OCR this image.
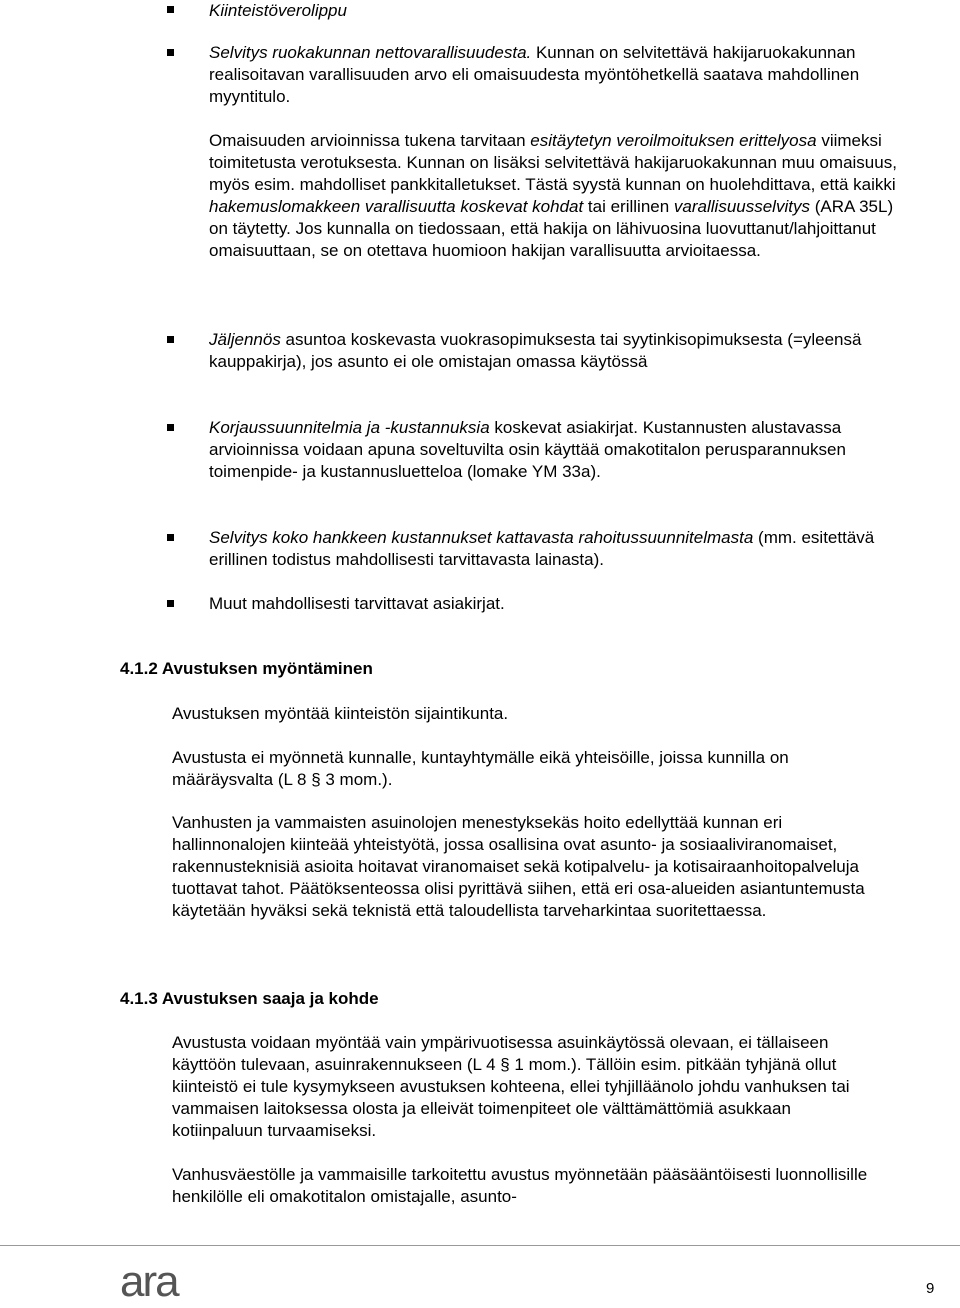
Kiinteistöverolippu
Selvitys ruokakunnan nettovarallisuudesta. Kunnan on selvitettävä hakijaruokakunnan realisoitavan varallisuuden arvo eli omaisuudesta myöntöhetkellä saatava mahdollinen myyntitulo.
Omaisuuden arvioinnissa tukena tarvitaan esitäytetyn veroilmoituksen erittelyosa viimeksi toimitetusta verotuksesta. Kunnan on lisäksi selvitettävä hakijaruokakunnan muu omaisuus, myös esim. mahdolliset pankkitalletukset. Tästä syystä kunnan on huolehdittava, että kaikki hakemuslomakkeen varallisuutta koskevat kohdat tai erillinen varallisuusselvitys (ARA 35L) on täytetty. Jos kunnalla on tiedossaan, että hakija on lähivuosina luovuttanut/lahjoittanut omaisuuttaan, se on otettava huomioon hakijan varallisuutta arvioitaessa.
Jäljennös asuntoa koskevasta vuokrasopimuksesta tai syytinkisopimuksesta (=yleensä kauppakirja), jos asunto ei ole omistajan omassa käytössä
Korjaussuunnitelmia ja -kustannuksia koskevat asiakirjat. Kustannusten alustavassa arvioinnissa voidaan apuna soveltuvilta osin käyttää omakotitalon perusparannuksen toimenpide- ja kustannusluetteloa (lomake YM 33a).
Selvitys koko hankkeen kustannukset kattavasta rahoitussuunnitelmasta (mm. esitettävä erillinen todistus mahdollisesti tarvittavasta lainasta).
Muut mahdollisesti tarvittavat asiakirjat.
4.1.2 Avustuksen myöntäminen
Avustuksen myöntää kiinteistön sijaintikunta.
Avustusta ei myönnetä kunnalle, kuntayhtymälle eikä yhteisöille, joissa kunnilla on määräysvalta (L 8 § 3 mom.).
Vanhusten ja vammaisten asuinolojen menestyksekäs hoito edellyttää kunnan eri hallinnonalojen kiinteää yhteistyötä, jossa osallisina ovat asunto- ja sosiaaliviranomaiset, rakennusteknisiä asioita hoitavat viranomaiset sekä kotipalvelu- ja kotisairaanhoitopalveluja tuottavat tahot. Päätöksenteossa olisi pyrittävä siihen, että eri osa-alueiden asiantuntemusta käytetään hyväksi sekä teknistä että taloudellista tarveharkintaa suoritettaessa.
4.1.3 Avustuksen saaja ja kohde
Avustusta voidaan myöntää vain ympärivuotisessa asuinkäytössä olevaan, ei tällaiseen käyttöön tulevaan, asuinrakennukseen (L 4 § 1 mom.). Tällöin esim. pitkään tyhjänä ollut kiinteistö ei tule kysymykseen avustuksen kohteena, ellei tyhjilläänolo johdu vanhuksen tai vammaisen laitoksessa olosta ja elleivät toimenpiteet ole välttämättömiä asukkaan kotiinpaluun turvaamiseksi.
Vanhusväestölle ja vammaisille tarkoitettu avustus myönnetään pääsääntöisesti luonnollisille henkilölle eli omakotitalon omistajalle, asunto-
ara	9
